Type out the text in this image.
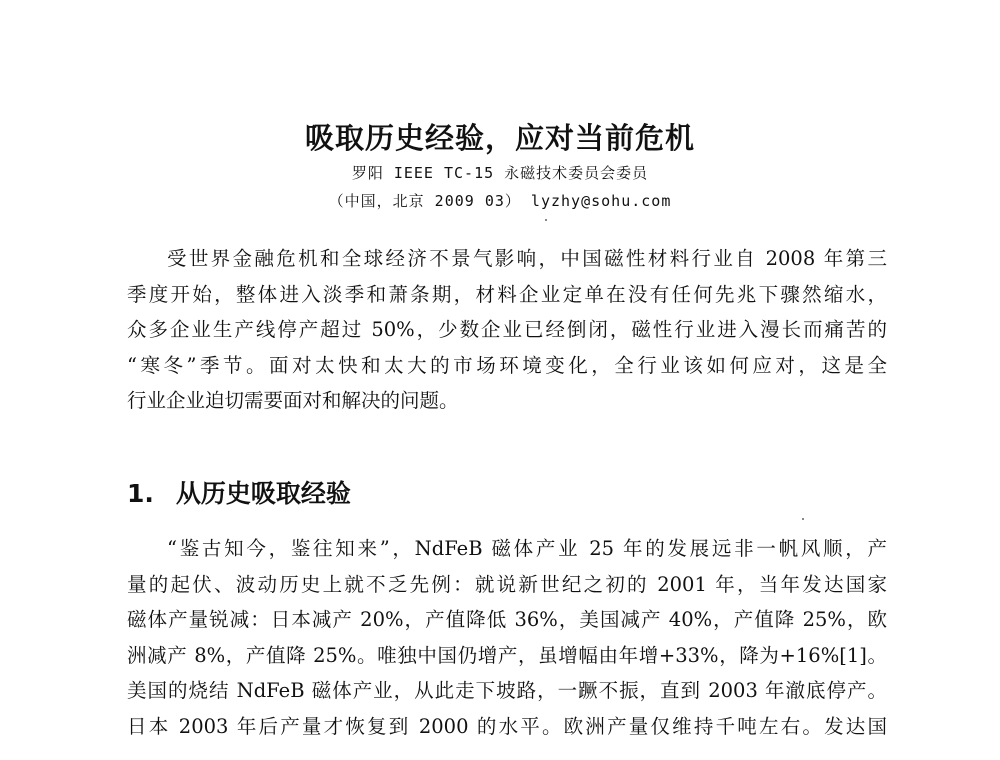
吸取历史经验，应对当前危机
罗阳 IEEE TC-15 永磁技术委员会委员
（中国，北京 2009 03） lyzhy@sohu.com
受世界金融危机和全球经济不景气影响，中国磁性材料行业自 2008 年第三
季度开始，整体进入淡季和萧条期，材料企业定单在没有任何先兆下骤然缩水，
众多企业生产线停产超过 50%，少数企业已经倒闭，磁性行业进入漫长而痛苦的
“寒冬”季节。面对太快和太大的市场环境变化，全行业该如何应对，这是全
行业企业迫切需要面对和解决的问题。
1. 从历史吸取经验
“鉴古知今，鉴往知来”，NdFeB 磁体产业 25 年的发展远非一帆风顺，产
量的起伏、波动历史上就不乏先例：就说新世纪之初的 2001 年，当年发达国家
磁体产量锐减：日本减产 20%，产值降低 36%，美国减产 40%，产值降 25%，欧
洲减产 8%，产值降 25%。唯独中国仍增产，虽增幅由年增+33%，降为+16%[1]。
美国的烧结 NdFeB 磁体产业，从此走下坡路，一蹶不振，直到 2003 年澈底停产。
日本 2003 年后产量才恢复到 2000 的水平。欧洲产量仅维持千吨左右。发达国
